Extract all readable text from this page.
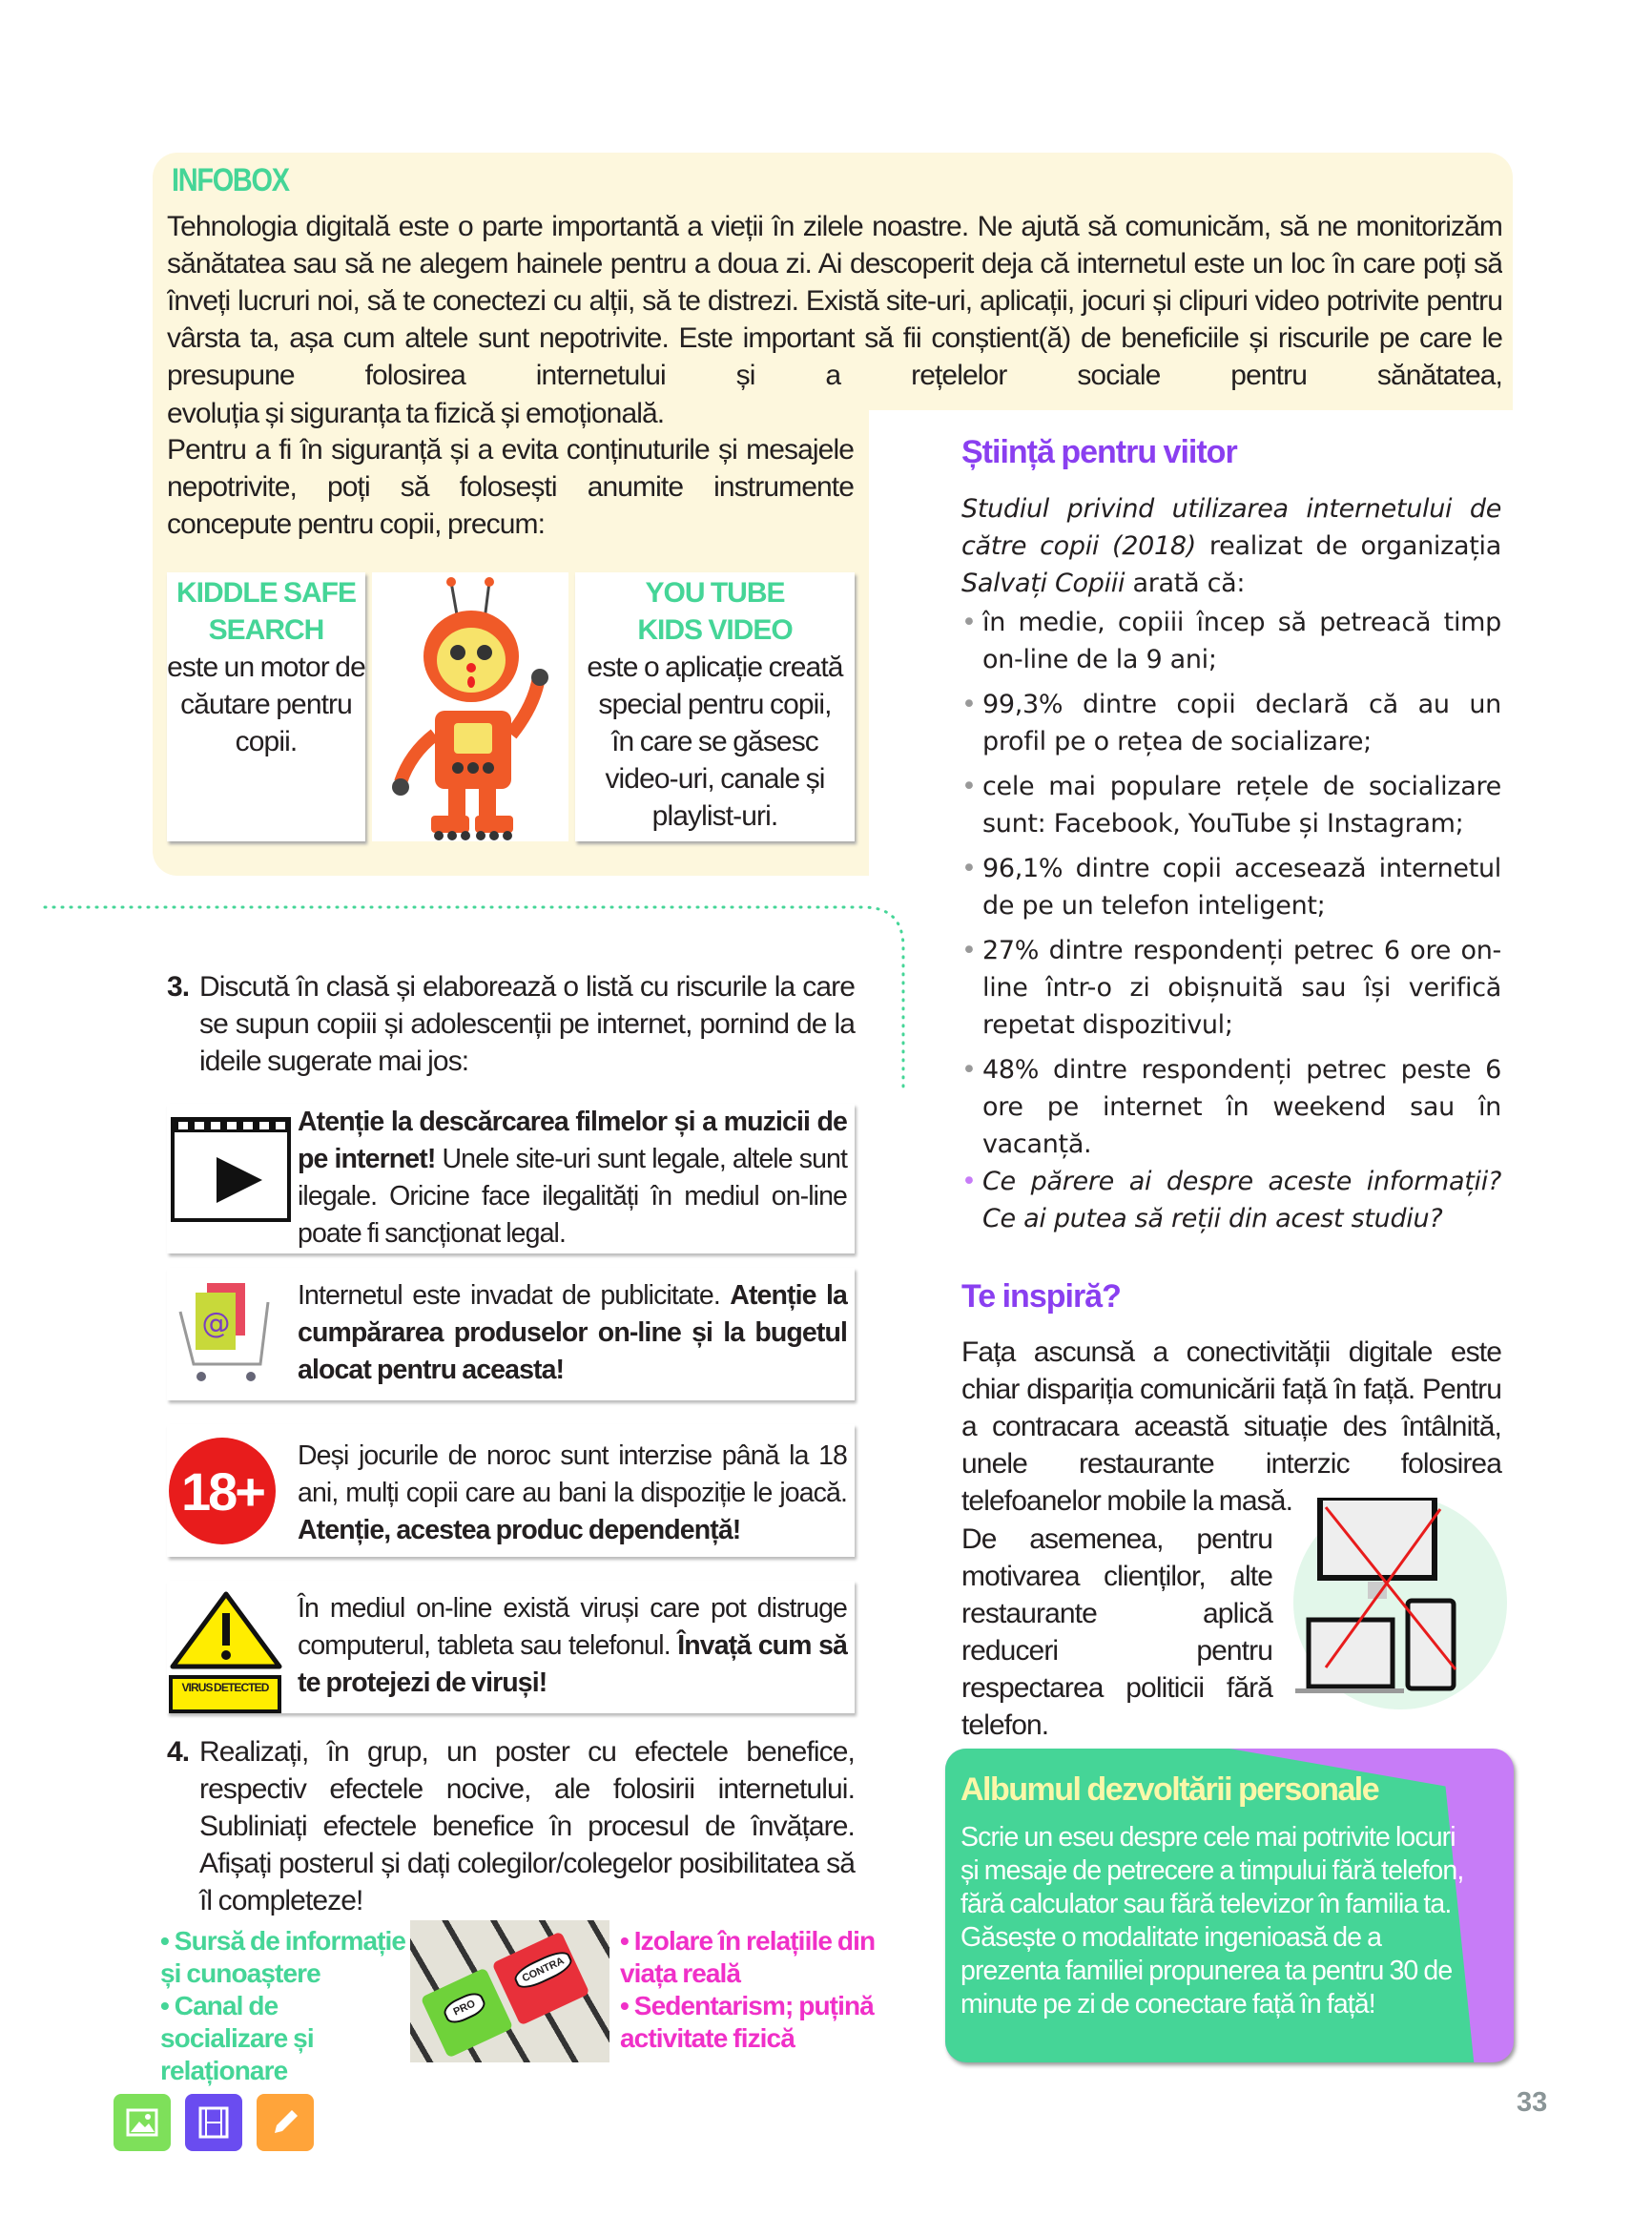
INFOBOX
Tehnologia digitală este o parte importantă a vieții în zilele noastre. Ne ajută să comunicăm, să ne monitorizăm sănătatea sau să ne alegem hainele pentru a doua zi. Ai descoperit deja că internetul este un loc în care poți să înveți lucruri noi, să te conectezi cu alții, să te distrezi. Există site-uri, aplicații, jocuri și clipuri video potrivite pentru vârsta ta, așa cum altele sunt nepotrivite. Este important să fii conștient(ă) de beneficiile și riscurile pe care le presupune folosirea internetului și a rețelelor sociale pentru sănătatea,
evoluția și siguranța ta fizică și emoțională.
Pentru a fi în siguranță și a evita conținuturile și mesajele nepotrivite, poți să folosești anumite instrumente concepute pentru copii, precum:
KIDDLE SAFE SEARCH
este un motor de căutare pentru copii.
YOU TUBE KIDS VIDEO
este o aplicație creată special pentru copii, în care se găsesc video-uri, canale și playlist-uri.
3. Discută în clasă și elaborează o listă cu riscurile la care se supun copiii și adolescenții pe internet, pornind de la ideile sugerate mai jos:
Atenție la descărcarea filmelor și a muzicii de pe internet! Unele site-uri sunt legale, altele sunt ilegale. Oricine face ilegalități în mediul on-line poate fi sancționat legal.
@
Internetul este invadat de publicitate. Atenție la cumpărarea produselor on-line și la bugetul alocat pentru aceasta!
18+
Deși jocurile de noroc sunt interzise până la 18 ani, mulți copii care au bani la dispoziție le joacă. Atenție, acestea produc dependență!
VIRUS DETECTED
În mediul on-line există viruși care pot distruge computerul, tableta sau telefonul. Învață cum să te protejezi de viruși!
4. Realizați, în grup, un poster cu efectele benefice, respectiv efectele nocive, ale folosirii internetului. Subliniați efectele benefice în procesul de învățare. Afișați posterul și dați colegilor/colegelor posibilitatea să îl completeze!
• Sursă de informație și cunoaștere
• Canal de socializare și relaționare
PRO
CONTRA
• Izolare în relațiile din viața reală
• Sedentarism; puțină activitate fizică
Știință pentru viitor

Studiul privind utilizarea internetului de către copii (2018) realizat de organizația Salvați Copiii arată că:

• în medie, copiii încep să petreacă timp on-line de la 9 ani;
• 99,3% dintre copii declară că au un profil pe o rețea de socializare;
• cele mai populare rețele de socializare sunt: Facebook, YouTube și Instagram;
• 96,1% dintre copii accesează internetul de pe un telefon inteligent;
• 27% dintre respondenți petrec 6 ore on-line într-o zi obișnuită sau își verifică repetat dispozitivul;
• 48% dintre respondenți petrec peste 6 ore pe internet în weekend sau în vacanță.
• Ce părere ai despre aceste informații? Ce ai putea să reții din acest studiu?
Te inspiră?
Fața ascunsă a conectivității digitale este chiar dispariția comunicării față în față. Pentru a contracara această situație des întâlnită, unele restaurante interzic folosirea telefoanelor mobile la masă.
De asemenea, pentru motivarea clienților, alte restaurante aplică reduceri pentru respectarea politicii fără telefon.
Albumul dezvoltării personale
Scrie un eseu despre cele mai potrivite locuri și mesaje de petrecere a timpului fără telefon, fără calculator sau fără televizor în familia ta. Găsește o modalitate ingenioasă de a prezenta familiei propunerea ta pentru 30 de minute pe zi de conectare față în față!
33
